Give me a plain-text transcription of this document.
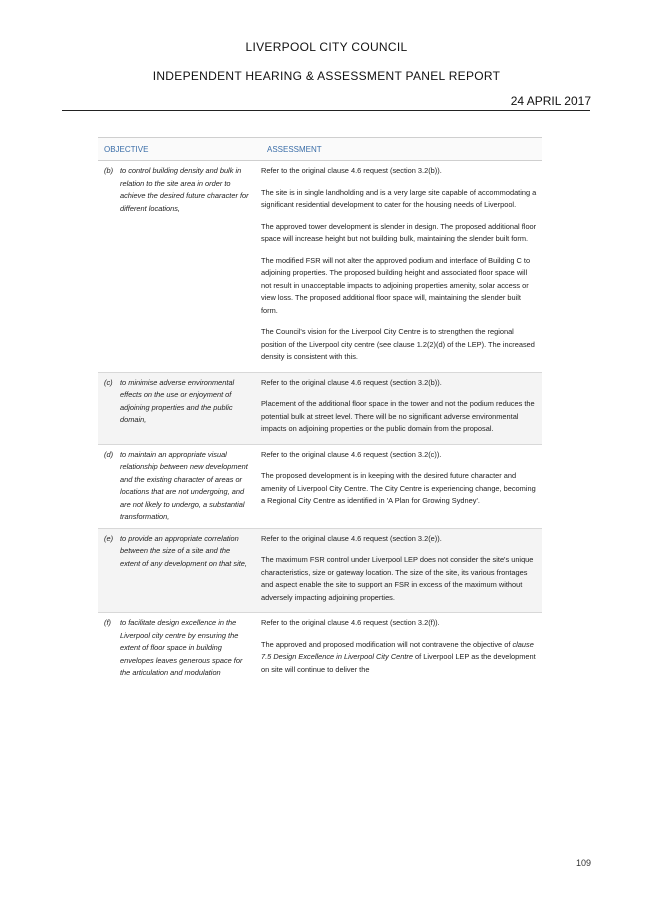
LIVERPOOL CITY COUNCIL
INDEPENDENT HEARING & ASSESSMENT PANEL REPORT
24 APRIL 2017
OBJECTIVE	ASSESSMENT
(b) to control building density and bulk in relation to the site area in order to achieve the desired future character for different locations,

Refer to the original clause 4.6 request (section 3.2(b)).

The site is in single landholding and is a very large site capable of accommodating a significant residential development to cater for the housing needs of Liverpool.

The approved tower development is slender in design. The proposed additional floor space will increase height but not building bulk, maintaining the slender built form.

The modified FSR will not alter the approved podium and interface of Building C to adjoining properties. The proposed building height and associated floor space will not result in unacceptable impacts to adjoining properties amenity, solar access or view loss. The proposed additional floor space will, maintaining the slender built form.

The Council's vision for the Liverpool City Centre is to strengthen the regional position of the Liverpool city centre (see clause 1.2(2)(d) of the LEP). The increased density is consistent with this.

(c) to minimise adverse environmental effects on the use or enjoyment of adjoining properties and the public domain,

Refer to the original clause 4.6 request (section 3.2(b)).

Placement of the additional floor space in the tower and not the podium reduces the potential bulk at street level. There will be no significant adverse environmental impacts on adjoining properties or the public domain from the proposal.

(d) to maintain an appropriate visual relationship between new development and the existing character of areas or locations that are not undergoing, and are not likely to undergo, a substantial transformation,

Refer to the original clause 4.6 request (section 3.2(c)).

The proposed development is in keeping with the desired future character and amenity of Liverpool City Centre. The City Centre is experiencing change, becoming a Regional City Centre as identified in 'A Plan for Growing Sydney'.

(e) to provide an appropriate correlation between the size of a site and the extent of any development on that site,

Refer to the original clause 4.6 request (section 3.2(e)).

The maximum FSR control under Liverpool LEP does not consider the site's unique characteristics, size or gateway location. The size of the site, its various frontages and aspect enable the site to support an FSR in excess of the maximum without adversely impacting adjoining properties.

(f)	to facilitate design excellence in the Liverpool city centre by ensuring the extent of floor space in building envelopes leaves generous space for the articulation and modulation

Refer to the original clause 4.6 request (section 3.2(f)).

The approved and proposed modification will not contravene the objective of clause 7.5 Design Excellence in Liverpool City Centre of Liverpool LEP as the development on site will continue to deliver the

109
